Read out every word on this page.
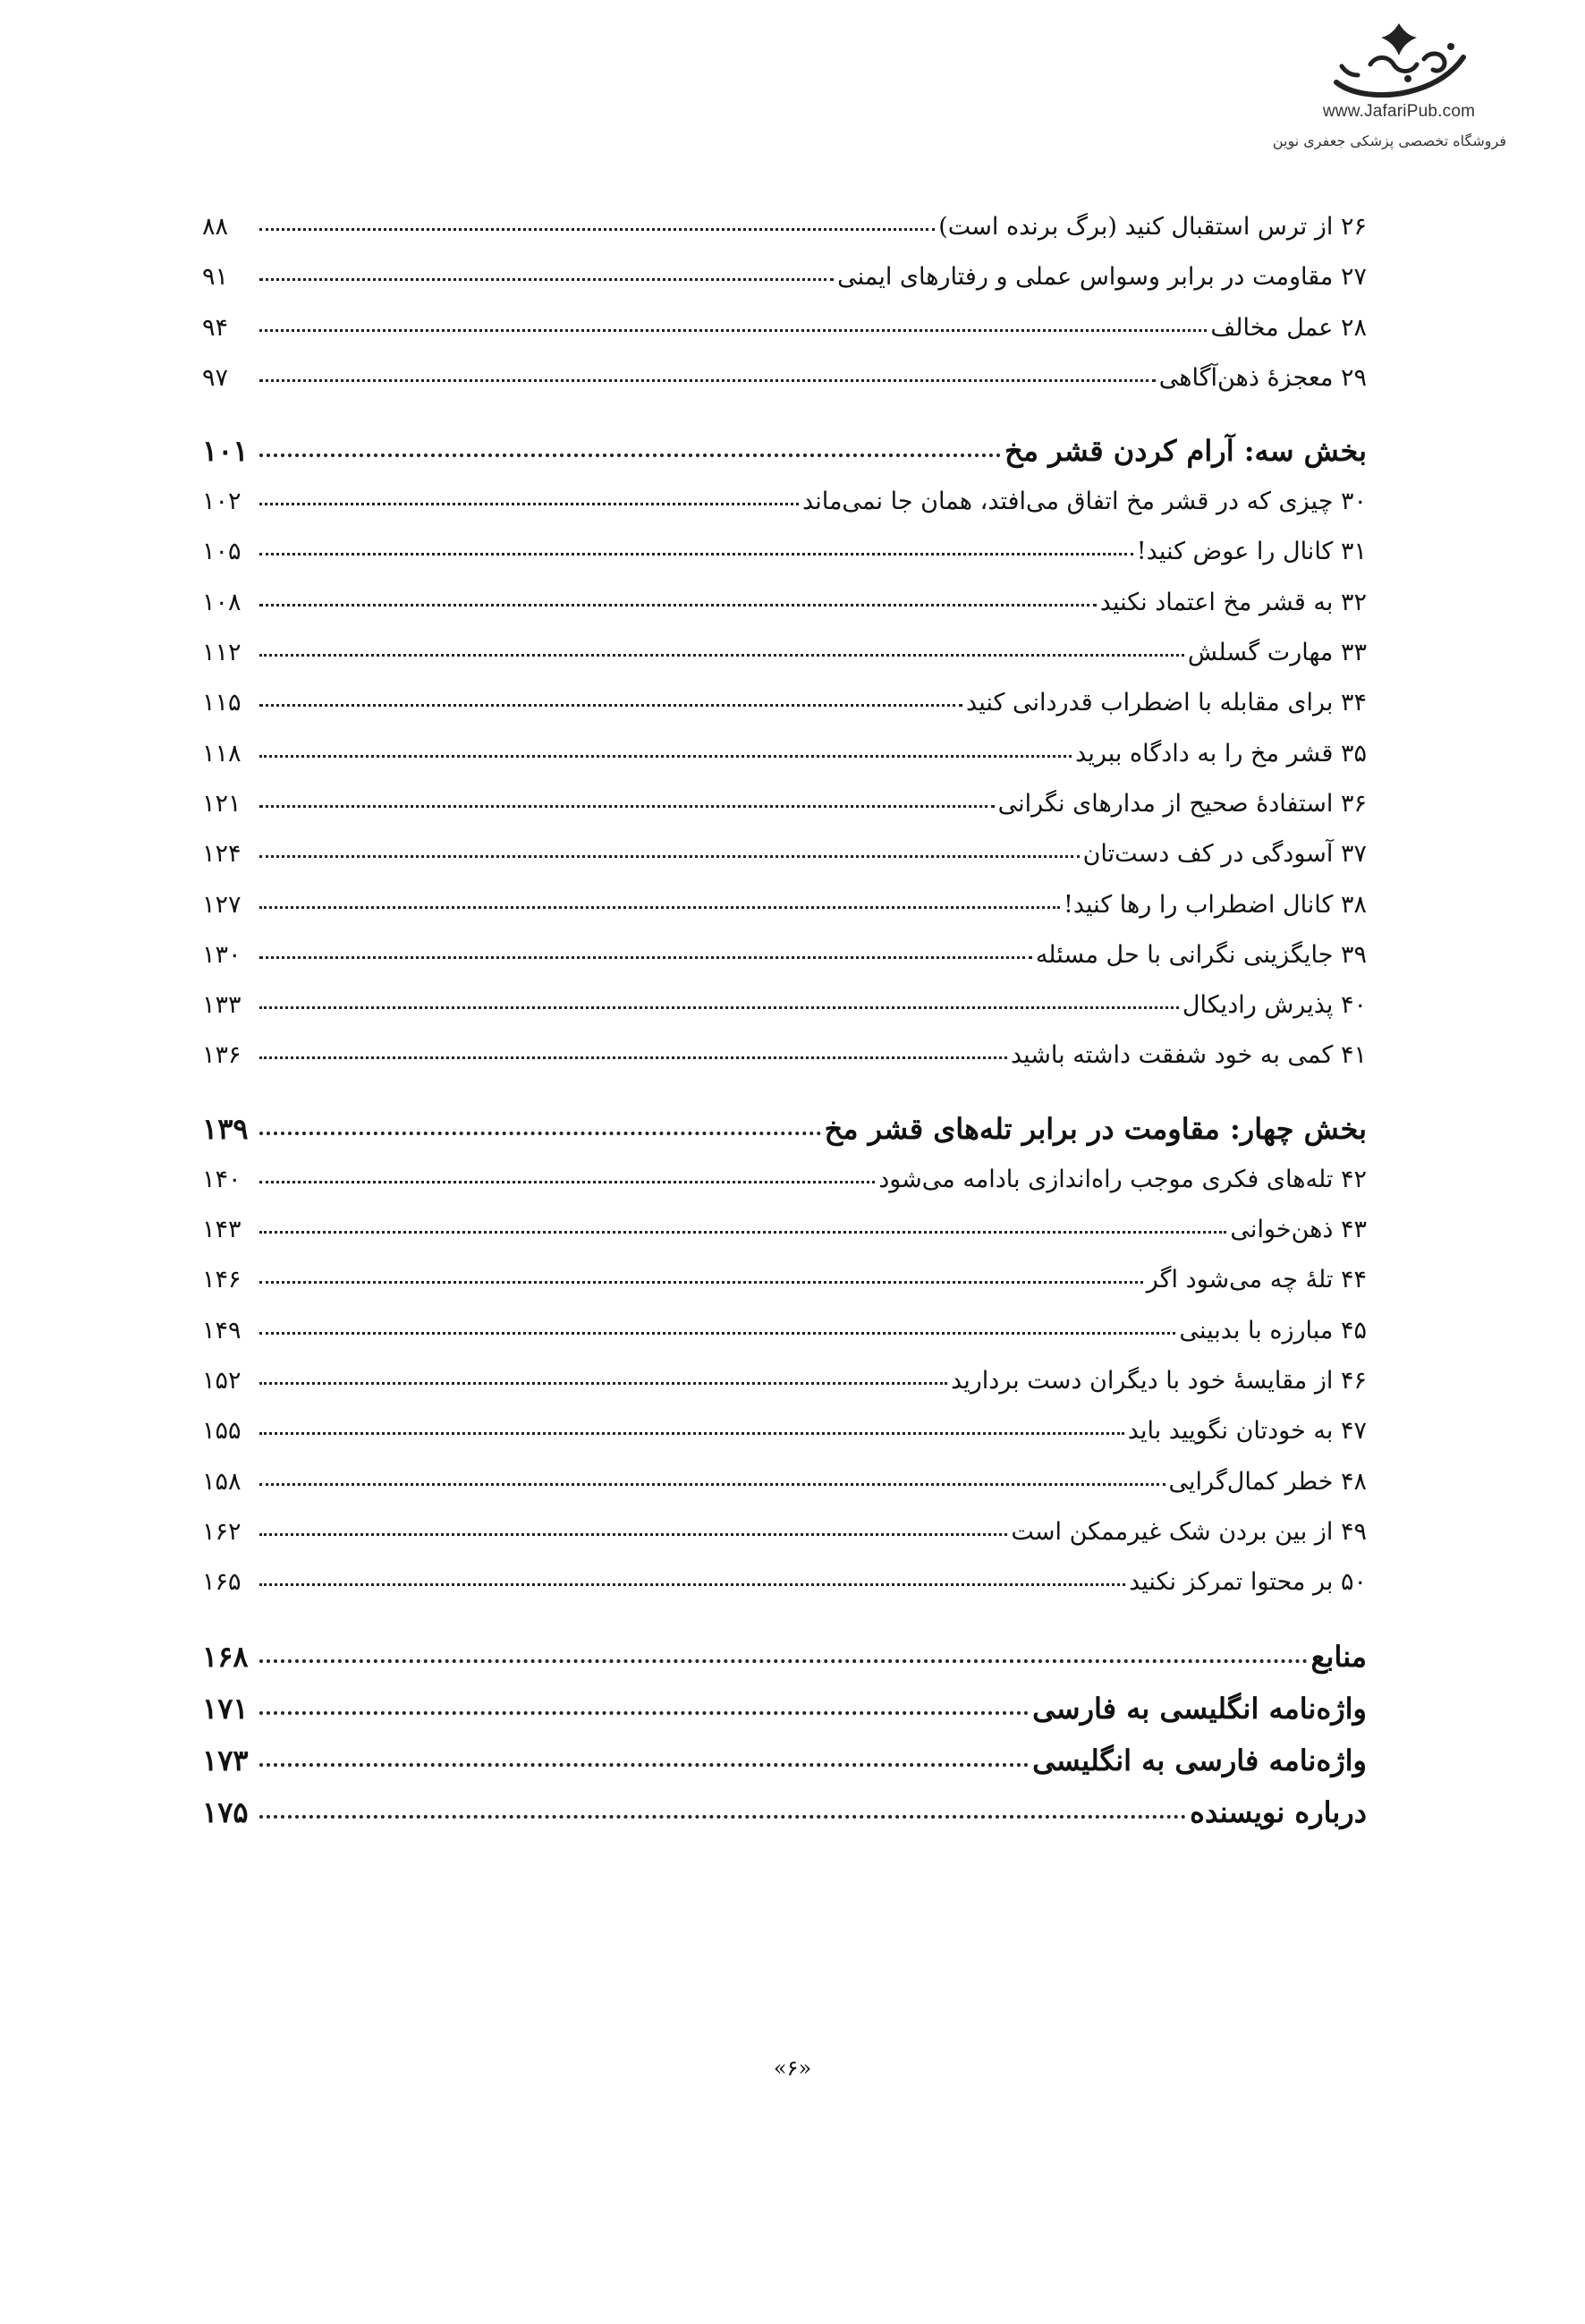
www.JafariPub.com
فروشگاه تخصصی پزشکی جعفری نوین
۲۶ از ترس استقبال کنید (برگ برنده است)
۸۸
۲۷ مقاومت در برابر وسواس عملی و رفتارهای ایمنی
۹۱
۲۸ عمل مخالف
۹۴
۲۹ معجزهٔ ذهن‌آگاهی
۹۷
بخش سه: آرام کردن قشر مخ
۱۰۱
۳۰ چیزی که در قشر مخ اتفاق می‌افتد، همان جا نمی‌ماند
۱۰۲
۳۱ کانال را عوض کنید!
۱۰۵
۳۲ به قشر مخ اعتماد نکنید
۱۰۸
۳۳ مهارت گسلش
۱۱۲
۳۴ برای مقابله با اضطراب قدردانی کنید
۱۱۵
۳۵ قشر مخ را به دادگاه ببرید
۱۱۸
۳۶ استفادهٔ صحیح از مدارهای نگرانی
۱۲۱
۳۷ آسودگی در کف دست‌تان
۱۲۴
۳۸ کانال اضطراب را رها کنید!
۱۲۷
۳۹ جایگزینی نگرانی با حل مسئله
۱۳۰
۴۰ پذیرش رادیکال
۱۳۳
۴۱ کمی به خود شفقت داشته باشید
۱۳۶
بخش چهار: مقاومت در برابر تله‌های قشر مخ
۱۳۹
۴۲ تله‌های فکری موجب راه‌اندازی بادامه می‌شود
۱۴۰
۴۳ ذهن‌خوانی
۱۴۳
۴۴ تلهٔ چه می‌شود اگر
۱۴۶
۴۵ مبارزه با بدبینی
۱۴۹
۴۶ از مقایسهٔ خود با دیگران دست بردارید
۱۵۲
۴۷ به خودتان نگویید باید
۱۵۵
۴۸ خطر کمال‌گرایی
۱۵۸
۴۹ از بین بردن شک غیرممکن است
۱۶۲
۵۰ بر محتوا تمرکز نکنید
۱۶۵
منابع
۱۶۸
واژه‌نامه انگلیسی به فارسی
۱۷۱
واژه‌نامه فارسی به انگلیسی
۱۷۳
درباره نویسنده
۱۷۵
«۶»
